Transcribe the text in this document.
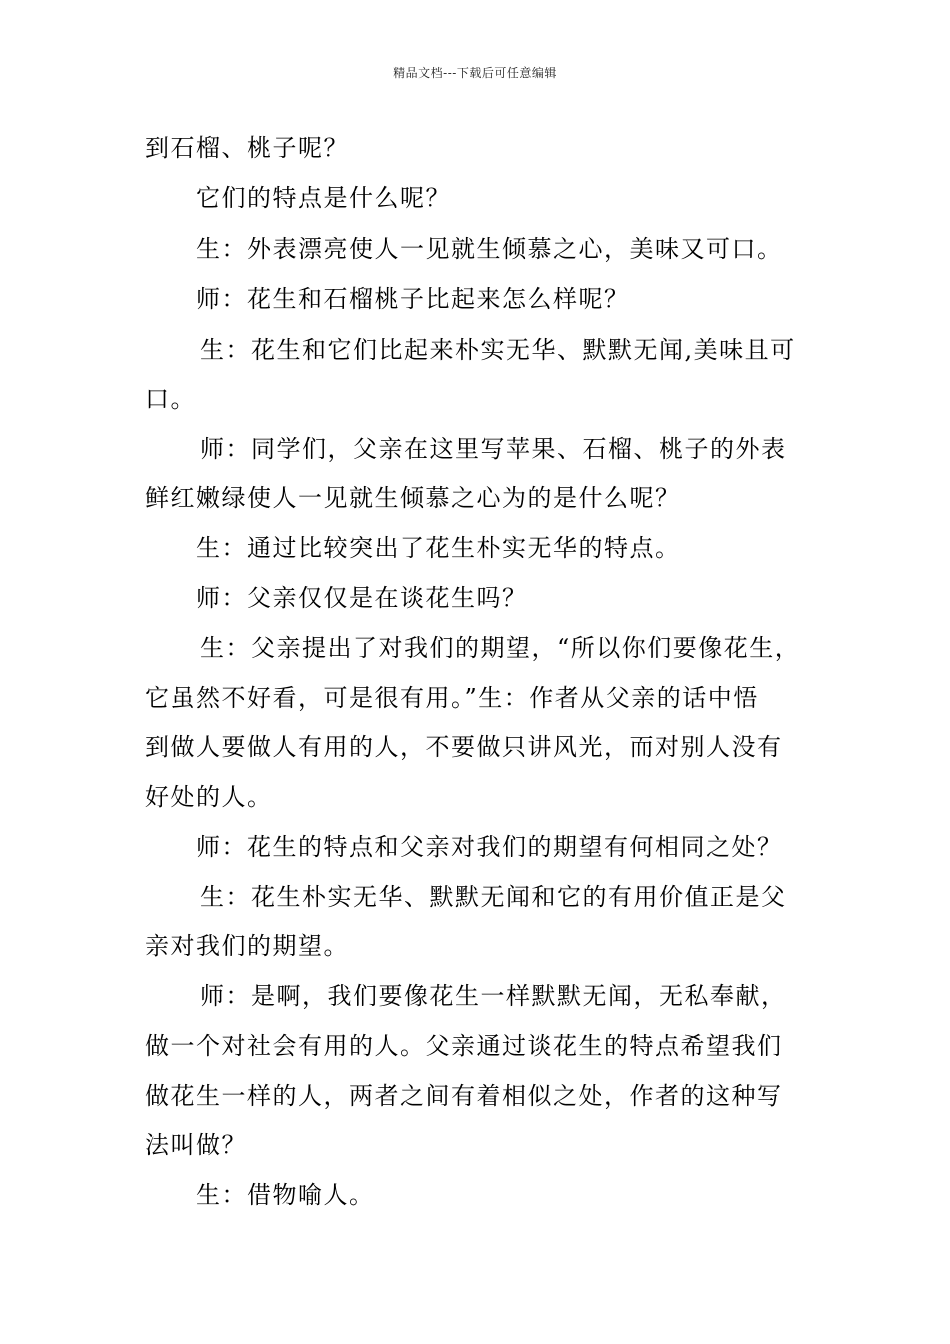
精品文档---下载后可任意编辑
到石榴、桃子呢？
它们的特点是什么呢？
生：外表漂亮使人一见就生倾慕之心，美味又可口。
师：花生和石榴桃子比起来怎么样呢？
生：花生和它们比起来朴实无华、默默无闻,美味且可
口。
师：同学们，父亲在这里写苹果、石榴、桃子的外表
鲜红嫩绿使人一见就生倾慕之心为的是什么呢？
生：通过比较突出了花生朴实无华的特点。
师：父亲仅仅是在谈花生吗？
生：父亲提出了对我们的期望，“所以你们要像花生，
它虽然不好看，可是很有用。”生：作者从父亲的话中悟
到做人要做人有用的人，不要做只讲风光，而对别人没有
好处的人。
师：花生的特点和父亲对我们的期望有何相同之处？
生：花生朴实无华、默默无闻和它的有用价值正是父
亲对我们的期望。
师：是啊，我们要像花生一样默默无闻，无私奉献，
做一个对社会有用的人。父亲通过谈花生的特点希望我们
做花生一样的人，两者之间有着相似之处，作者的这种写
法叫做？
生：借物喻人。
